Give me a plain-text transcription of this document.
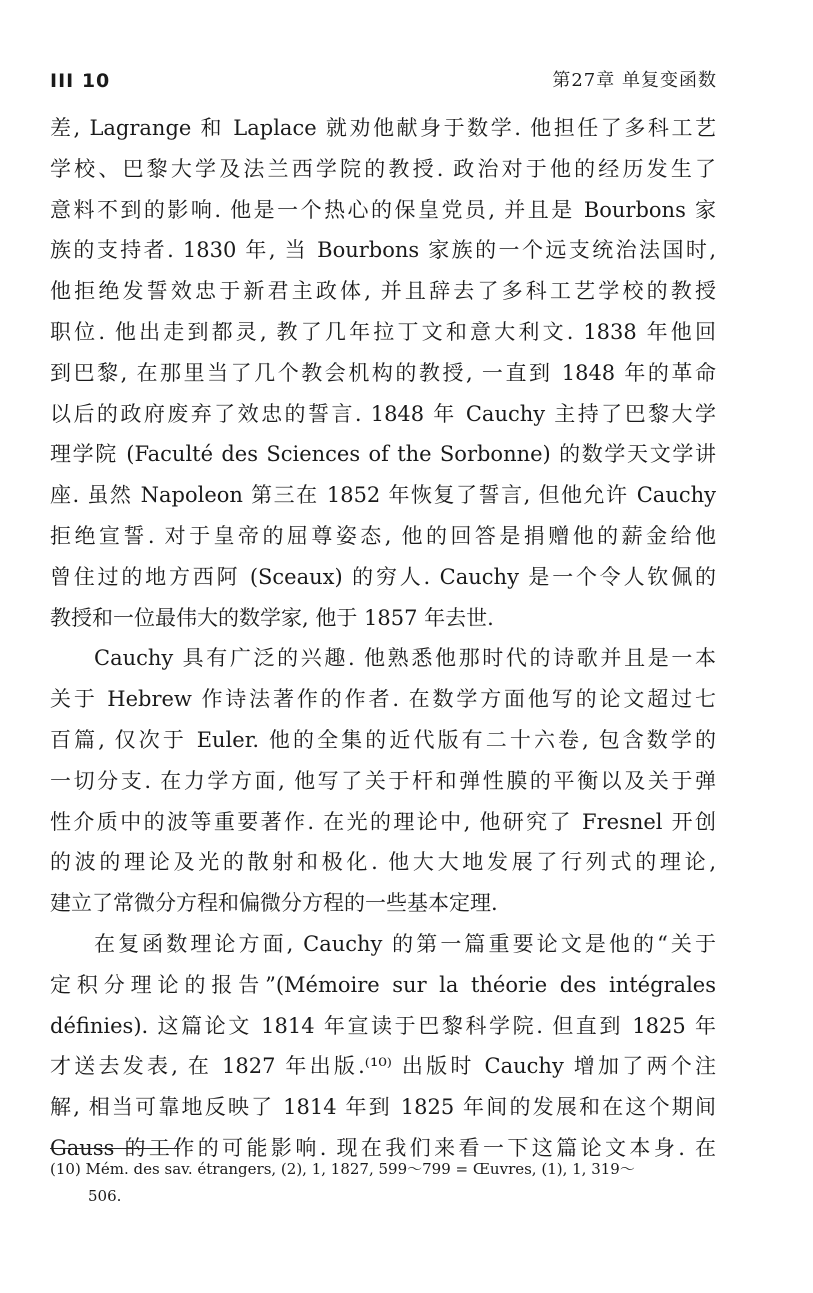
III 10	第27章 单复变函数
差, Lagrange 和 Laplace 就劝他献身于数学. 他担任了多科工艺
学校、巴黎大学及法兰西学院的教授. 政治对于他的经历发生了
意料不到的影响. 他是一个热心的保皇党员, 并且是 Bourbons 家
族的支持者. 1830 年, 当 Bourbons 家族的一个远支统治法国时,
他拒绝发誓效忠于新君主政体, 并且辞去了多科工艺学校的教授
职位. 他出走到都灵, 教了几年拉丁文和意大利文. 1838 年他回
到巴黎, 在那里当了几个教会机构的教授, 一直到 1848 年的革命
以后的政府废弃了效忠的誓言. 1848 年 Cauchy 主持了巴黎大学
理学院 (Faculté des Sciences of the Sorbonne) 的数学天文学讲
座. 虽然 Napoleon 第三在 1852 年恢复了誓言, 但他允许 Cauchy
拒绝宣誓. 对于皇帝的屈尊姿态, 他的回答是捐赠他的薪金给他
曾住过的地方西阿 (Sceaux) 的穷人. Cauchy 是一个令人钦佩的
教授和一位最伟大的数学家, 他于 1857 年去世.
Cauchy 具有广泛的兴趣. 他熟悉他那时代的诗歌并且是一本
关于 Hebrew 作诗法著作的作者. 在数学方面他写的论文超过七
百篇, 仅次于 Euler. 他的全集的近代版有二十六卷, 包含数学的
一切分支. 在力学方面, 他写了关于杆和弹性膜的平衡以及关于弹
性介质中的波等重要著作. 在光的理论中, 他研究了 Fresnel 开创
的波的理论及光的散射和极化. 他大大地发展了行列式的理论,
建立了常微分方程和偏微分方程的一些基本定理.
在复函数理论方面, Cauchy 的第一篇重要论文是他的“关于
定积分理论的报告”(Mémoire sur la théorie des intégrales
définies). 这篇论文 1814 年宣读于巴黎科学院. 但直到 1825 年
才送去发表, 在 1827 年出版.⁽¹⁰⁾ 出版时 Cauchy 增加了两个注
解, 相当可靠地反映了 1814 年到 1825 年间的发展和在这个期间
Gauss 的工作的可能影响. 现在我们来看一下这篇论文本身. 在
(10) Mém. des sav. étrangers, (2), 1, 1827, 599～799 = Œuvres, (1), 1, 319～
506.
